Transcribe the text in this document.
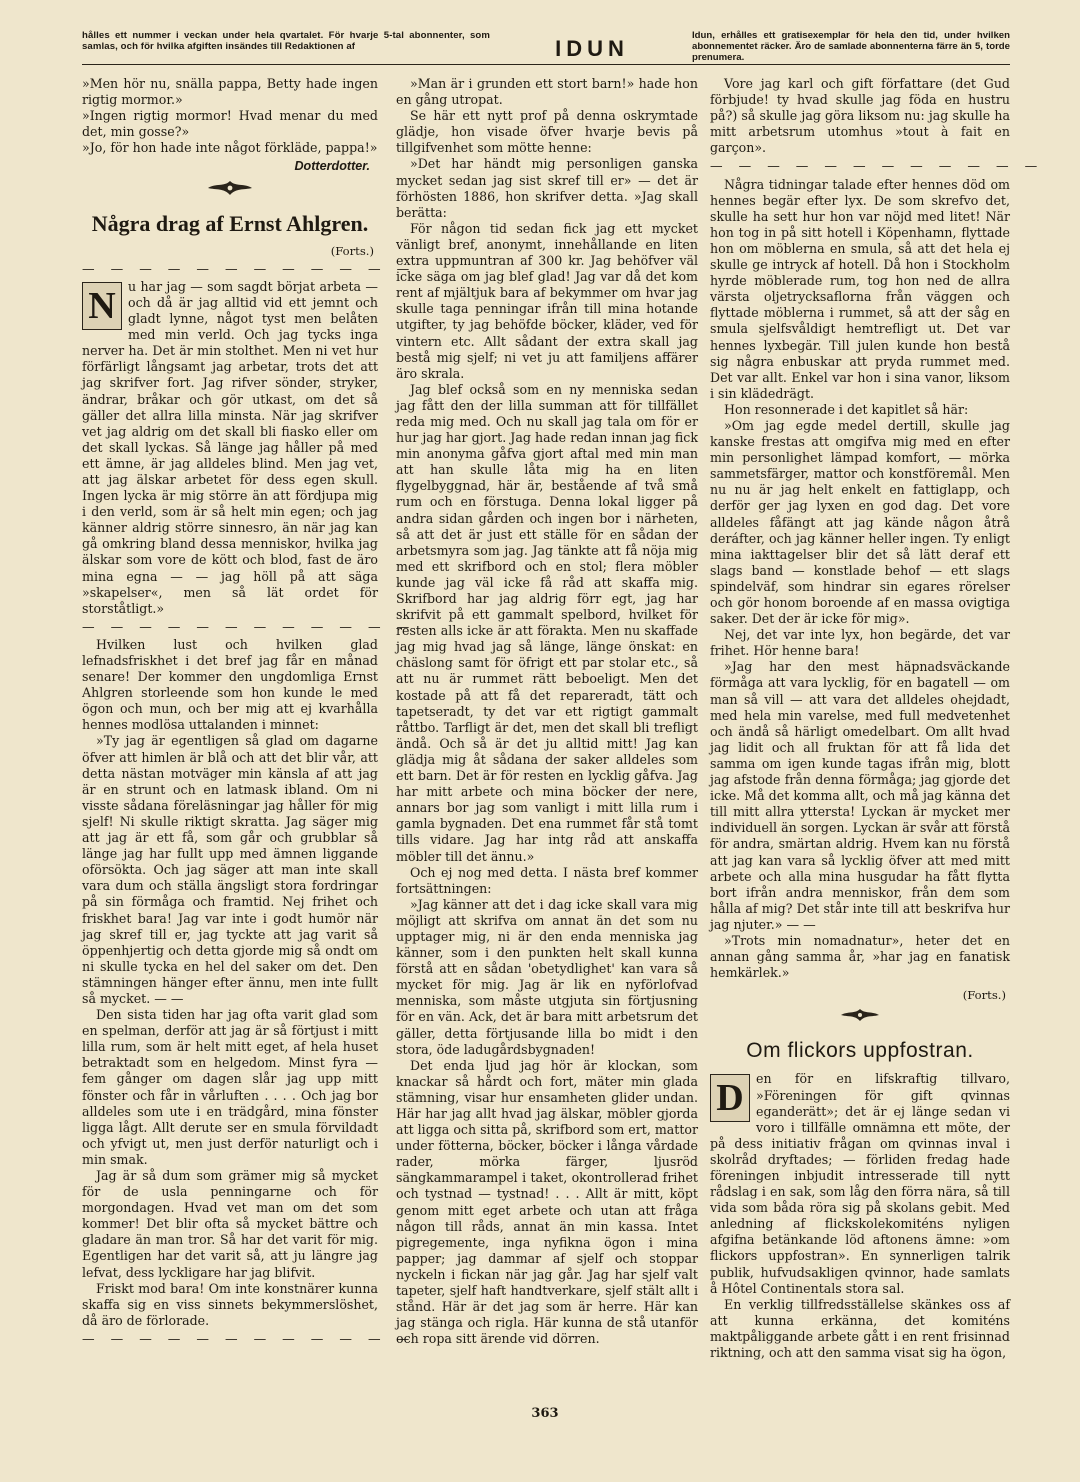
hålles ett nummer i veckan under hela qvartalet. För hvarje 5-tal abonnenter, som samlas, och för hvilka afgiften insändes till Redaktionen af	IDUN
Idun, erhålles ett gratisexemplar för hela den tid, under hvilken abonnementet räcker. Äro de samlade abonnenterna färre än 5, torde prenumera.

»Men hör nu, snälla pappa, Betty hade ingen rigtig mormor.»

»Ingen rigtig mormor! Hvad menar du med det, min gosse?»

»Jo, för hon hade inte något förkläde, pappa!»

Dotterdotter.
Några drag af Ernst Ahlgren.
(Forts.)
— — — — — — — — — — — —

N u har jag — som sagdt börjat arbeta — och då är jag alltid vid ett jemnt och gladt lynne, något tyst men belåten med min verld. Och jag tycks inga nerver ha. Det är min stolthet. Men ni vet hur förfärligt långsamt jag arbetar, trots det att jag skrifver fort. Jag rifver sönder, stryker, ändrar, bråkar och gör utkast, om det så gäller det allra lilla minsta. När jag skrifver vet jag aldrig om det skall bli fiasko eller om det skall lyckas. Så länge jag håller på med ett ämne, är jag alldeles blind. Men jag vet, att jag älskar arbetet för dess egen skull. Ingen lycka är mig större än att fördjupa mig i den verld, som är så helt min egen; och jag känner aldrig större sinnesro, än när jag kan gå omkring bland dessa menniskor, hvilka jag älskar som vore de kött och blod, fast de äro mina egna — — jag höll på att säga »skapelser«, men så lät ordet för storståtligt.»

— — — — — — — — — — — —

Hvilken lust och hvilken glad lefnadsfriskhet i det bref jag får en månad senare! Der kommer den ungdomliga Ernst Ahlgren storleende som hon kunde le med ögon och mun, och ber mig att ej kvarhålla hennes modlösa uttalanden i minnet:

»Ty jag är egentligen så glad om dagarne öfver att himlen är blå och att det blir vår, att detta nästan motväger min känsla af att jag är en strunt och en latmask ibland. Om ni visste sådana föreläsningar jag håller för mig sjelf! Ni skulle riktigt skratta. Jag säger mig att jag är ett få, som går och grubblar så länge jag har fullt upp med ämnen liggande oförsökta. Och jag säger att man inte skall vara dum och ställa ängsligt stora fordringar på sin förmåga och framtid. Nej frihet och friskhet bara! Jag var inte i godt humör när jag skref till er, jag tyckte att jag varit så öppenhjertig och detta gjorde mig så ondt om ni skulle tycka en hel del saker om det. Den stämningen hänger efter ännu, men inte fullt så mycket. — —

Den sista tiden har jag ofta varit glad som en spelman, derför att jag är så förtjust i mitt lilla rum, som är helt mitt eget, af hela huset betraktadt som en helgedom. Minst fyra — fem gånger om dagen slår jag upp mitt fönster och får in vårluften . . . . Och jag bor alldeles som ute i en trädgård, mina fönster ligga lågt. Allt derute ser en smula förvildadt och yfvigt ut, men just derför naturligt och i min smak.

Jag är så dum som grämer mig så mycket för de usla penningarne och för morgondagen. Hvad vet man om det som kommer! Det blir ofta så mycket bättre och gladare än man tror. Så har det varit för mig. Egentligen har det varit så, att ju längre jag lefvat, dess lyckligare har jag blifvit.

Friskt mod bara! Om inte konstnärer kunna skaffa sig en viss sinnets bekymmerslöshet, då äro de förlorade.

— — — — — — — — — — — —

»Man är i grunden ett stort barn!» hade hon en gång utropat.

Se här ett nytt prof på denna oskrymtade glädje, hon visade öfver hvarje bevis på tillgifvenhet som mötte henne:

»Det har händt mig personligen ganska mycket sedan jag sist skref till er» — det är förhösten 1886, hon skrifver detta. »Jag skall berätta:

För någon tid sedan fick jag ett mycket vänligt bref, anonymt, innehållande en liten extra uppmuntran af 300 kr. Jag behöfver väl icke säga om jag blef glad! Jag var då det kom rent af mjältjuk bara af bekymmer om hvar jag skulle taga penningar ifrån till mina hotande utgifter, ty jag behöfde böcker, kläder, ved för vintern etc. Allt sådant der extra skall jag bestå mig sjelf; ni vet ju att familjens affärer äro skrala.

Jag blef också som en ny menniska sedan jag fått den der lilla summan att för tillfället reda mig med. Och nu skall jag tala om för er hur jag har gjort. Jag hade redan innan jag fick min anonyma gåfva gjort aftal med min man att han skulle låta mig ha en liten flygelbyggnad, här är, bestående af två små rum och en förstuga. Denna lokal ligger på andra sidan gården och ingen bor i närheten, så att det är just ett ställe för en sådan der arbetsmyra som jag. Jag tänkte att få nöja mig med ett skrifbord och en stol; flera möbler kunde jag väl icke få råd att skaffa mig. Skrifbord har jag aldrig förr egt, jag har skrifvit på ett gammalt spelbord, hvilket för resten alls icke är att förakta. Men nu skaffade jag mig hvad jag så länge, länge önskat: en chäslong samt för öfrigt ett par stolar etc., så att nu är rummet rätt beboeligt. Men det kostade på att få det repareradt, tätt och tapetseradt, ty det var ett rigtigt gammalt råttbo. Tarfligt är det, men det skall bli trefligt ändå. Och så är det ju alltid mitt! Jag kan glädja mig åt sådana der saker alldeles som ett barn. Det är för resten en lycklig gåfva. Jag har mitt arbete och mina böcker der nere, annars bor jag som vanligt i mitt lilla rum i gamla bygnaden. Det ena rummet får stå tomt tills vidare. Jag har intg råd att anskaffa möbler till det ännu.»

Och ej nog med detta. I nästa bref kommer fortsättningen:

»Jag känner att det i dag icke skall vara mig möjligt att skrifva om annat än det som nu upptager mig, ni är den enda menniska jag känner, som i den punkten helt skall kunna förstå att en sådan 'obetydlighet' kan vara så mycket för mig. Jag är lik en nyförlofvad menniska, som måste utgjuta sin förtjusning för en vän. Ack, det är bara mitt arbetsrum det gäller, detta förtjusande lilla bo midt i den stora, öde ladugårdsbygnaden!

Det enda ljud jag hör är klockan, som knackar så hårdt och fort, mäter min glada stämning, visar hur ensamheten glider undan. Här har jag allt hvad jag älskar, möbler gjorda att ligga och sitta på, skrifbord som ert, mattor under fötterna, böcker, böcker i långa vårdade rader, mörka färger, ljusröd sängkammarampel i taket, okontrollerad frihet och tystnad — tystnad! . . . Allt är mitt, köpt genom mitt eget arbete och utan att fråga någon till råds, annat än min kassa. Intet pigregemente, inga nyfikna ögon i mina papper; jag dammar af sjelf och stoppar nyckeln i fickan när jag går. Jag har sjelf valt tapeter, sjelf haft handtverkare, sjelf stält allt i stånd. Här är det jag som är herre. Här kan jag stänga och rigla. Här kunna de stå utanför och ropa sitt ärende vid dörren.

Vore jag karl och gift författare (det Gud förbjude! ty hvad skulle jag föda en hustru på?) så skulle jag göra liksom nu: jag skulle ha mitt arbetsrum utomhus »tout à fait en garçon».

— — — — — — — — — — — —

Några tidningar talade efter hennes död om hennes begär efter lyx. De som skrefvo det, skulle ha sett hur hon var nöjd med litet! När hon tog in på sitt hotell i Köpenhamn, flyttade hon om möblerna en smula, så att det hela ej skulle ge intryck af hotell. Då hon i Stockholm hyrde möblerade rum, tog hon ned de allra värsta oljetrycksaflorna från väggen och flyttade möblerna i rummet, så att der såg en smula sjelfsvåldigt hemtrefligt ut. Det var hennes lyxbegär. Till julen kunde hon bestå sig några enbuskar att pryda rummet med. Det var allt. Enkel var hon i sina vanor, liksom i sin klädedrägt.

Hon resonnerade i det kapitlet så här:

»Om jag egde medel dertill, skulle jag kanske frestas att omgifva mig med en efter min personlighet lämpad komfort, — mörka sammetsfärger, mattor och konstföremål. Men nu nu är jag helt enkelt en fattiglapp, och derför ger jag lyxen en god dag. Det vore alldeles fåfängt att jag kände någon åtrå deráfter, och jag känner heller ingen. Ty enligt mina iakttagelser blir det så lätt deraf ett slags band — konstlade behof — ett slags spindelväf, som hindrar sin egares rörelser och gör honom boroende af en massa ovigtiga saker. Det der är icke för mig».

Nej, det var inte lyx, hon begärde, det var frihet. Hör henne bara!

»Jag har den mest häpnadsväckande förmåga att vara lycklig, för en bagatell — om man så vill — att vara det alldeles ohejdadt, med hela min varelse, med full medvetenhet och ändå så härligt omedelbart. Om allt hvad jag lidit och all fruktan för att få lida det samma om igen kunde tagas ifrån mig, blott jag afstode från denna förmåga; jag gjorde det icke. Må det komma allt, och må jag känna det till mitt allra yttersta! Lyckan är mycket mer individuell än sorgen. Lyckan är svår att förstå för andra, smärtan aldrig. Hvem kan nu förstå att jag kan vara så lycklig öfver att med mitt arbete och alla mina husgudar ha fått flytta bort ifrån andra menniskor, från dem som hålla af mig? Det står inte till att beskrifva hur jag njuter.» — —

»Trots min nomadnatur», heter det en annan gång samma år, »har jag en fanatisk hemkärlek.»

(Forts.)
Om flickors uppfostran.

D en för en lifskraftig tillvaro, »Föreningen för gift qvinnas eganderätt»; det är ej länge sedan vi voro i tillfälle omnämna ett möte, der på dess initiativ frågan om qvinnas inval i skolråd dryftades; — förliden fredag hade föreningen inbjudit intresserade till nytt rådslag i en sak, som låg den förra nära, så till vida som båda röra sig på skolans gebit. Med anledning af flickskolekomiténs nyligen afgifna betänkande löd aftonens ämne: »om flickors uppfostran». En synnerligen talrik publik, hufvudsakligen qvinnor, hade samlats å Hôtel Continentals stora sal.

En verklig tillfredsställelse skänkes oss af att kunna erkänna, det komiténs maktpåliggande arbete gått i en rent frisinnad riktning, och att den samma visat sig ha ögon,

363
